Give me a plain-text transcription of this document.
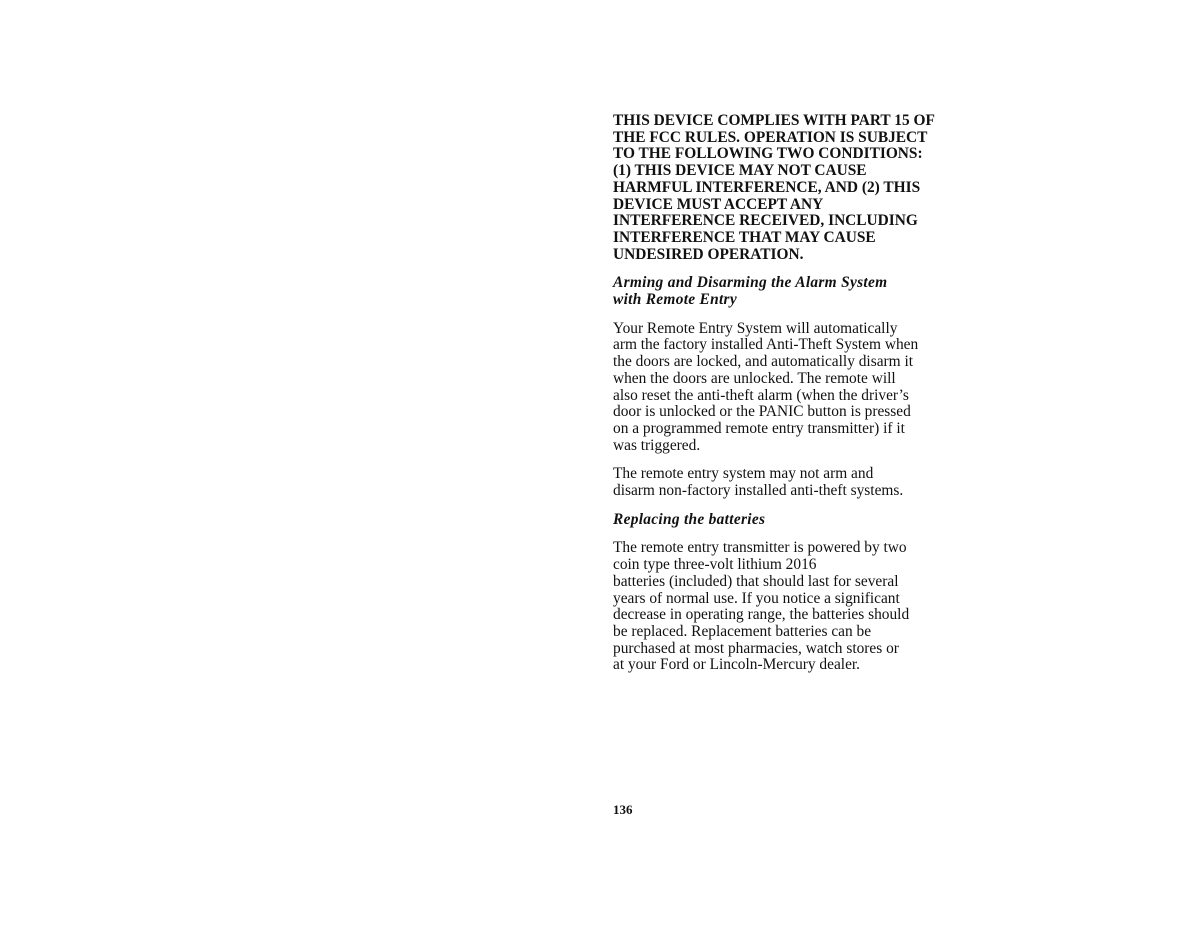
THIS DEVICE COMPLIES WITH PART 15 OF
THE FCC RULES. OPERATION IS SUBJECT
TO THE FOLLOWING TWO CONDITIONS:
(1) THIS DEVICE MAY NOT CAUSE
HARMFUL INTERFERENCE, AND (2) THIS
DEVICE MUST ACCEPT ANY
INTERFERENCE RECEIVED, INCLUDING
INTERFERENCE THAT MAY CAUSE
UNDESIRED OPERATION.

Arming and Disarming the Alarm System
with Remote Entry

Your Remote Entry System will automatically
arm the factory installed Anti-Theft System when
the doors are locked, and automatically disarm it
when the doors are unlocked. The remote will
also reset the anti-theft alarm (when the driver’s
door is unlocked or the PANIC button is pressed
on a programmed remote entry transmitter) if it
was triggered.

The remote entry system may not arm and
disarm non-factory installed anti-theft systems.

Replacing the batteries

The remote entry transmitter is powered by two
coin type three-volt lithium 2016
batteries (included) that should last for several
years of normal use. If you notice a significant
decrease in operating range, the batteries should
be replaced. Replacement batteries can be
purchased at most pharmacies, watch stores or
at your Ford or Lincoln-Mercury dealer.

136
